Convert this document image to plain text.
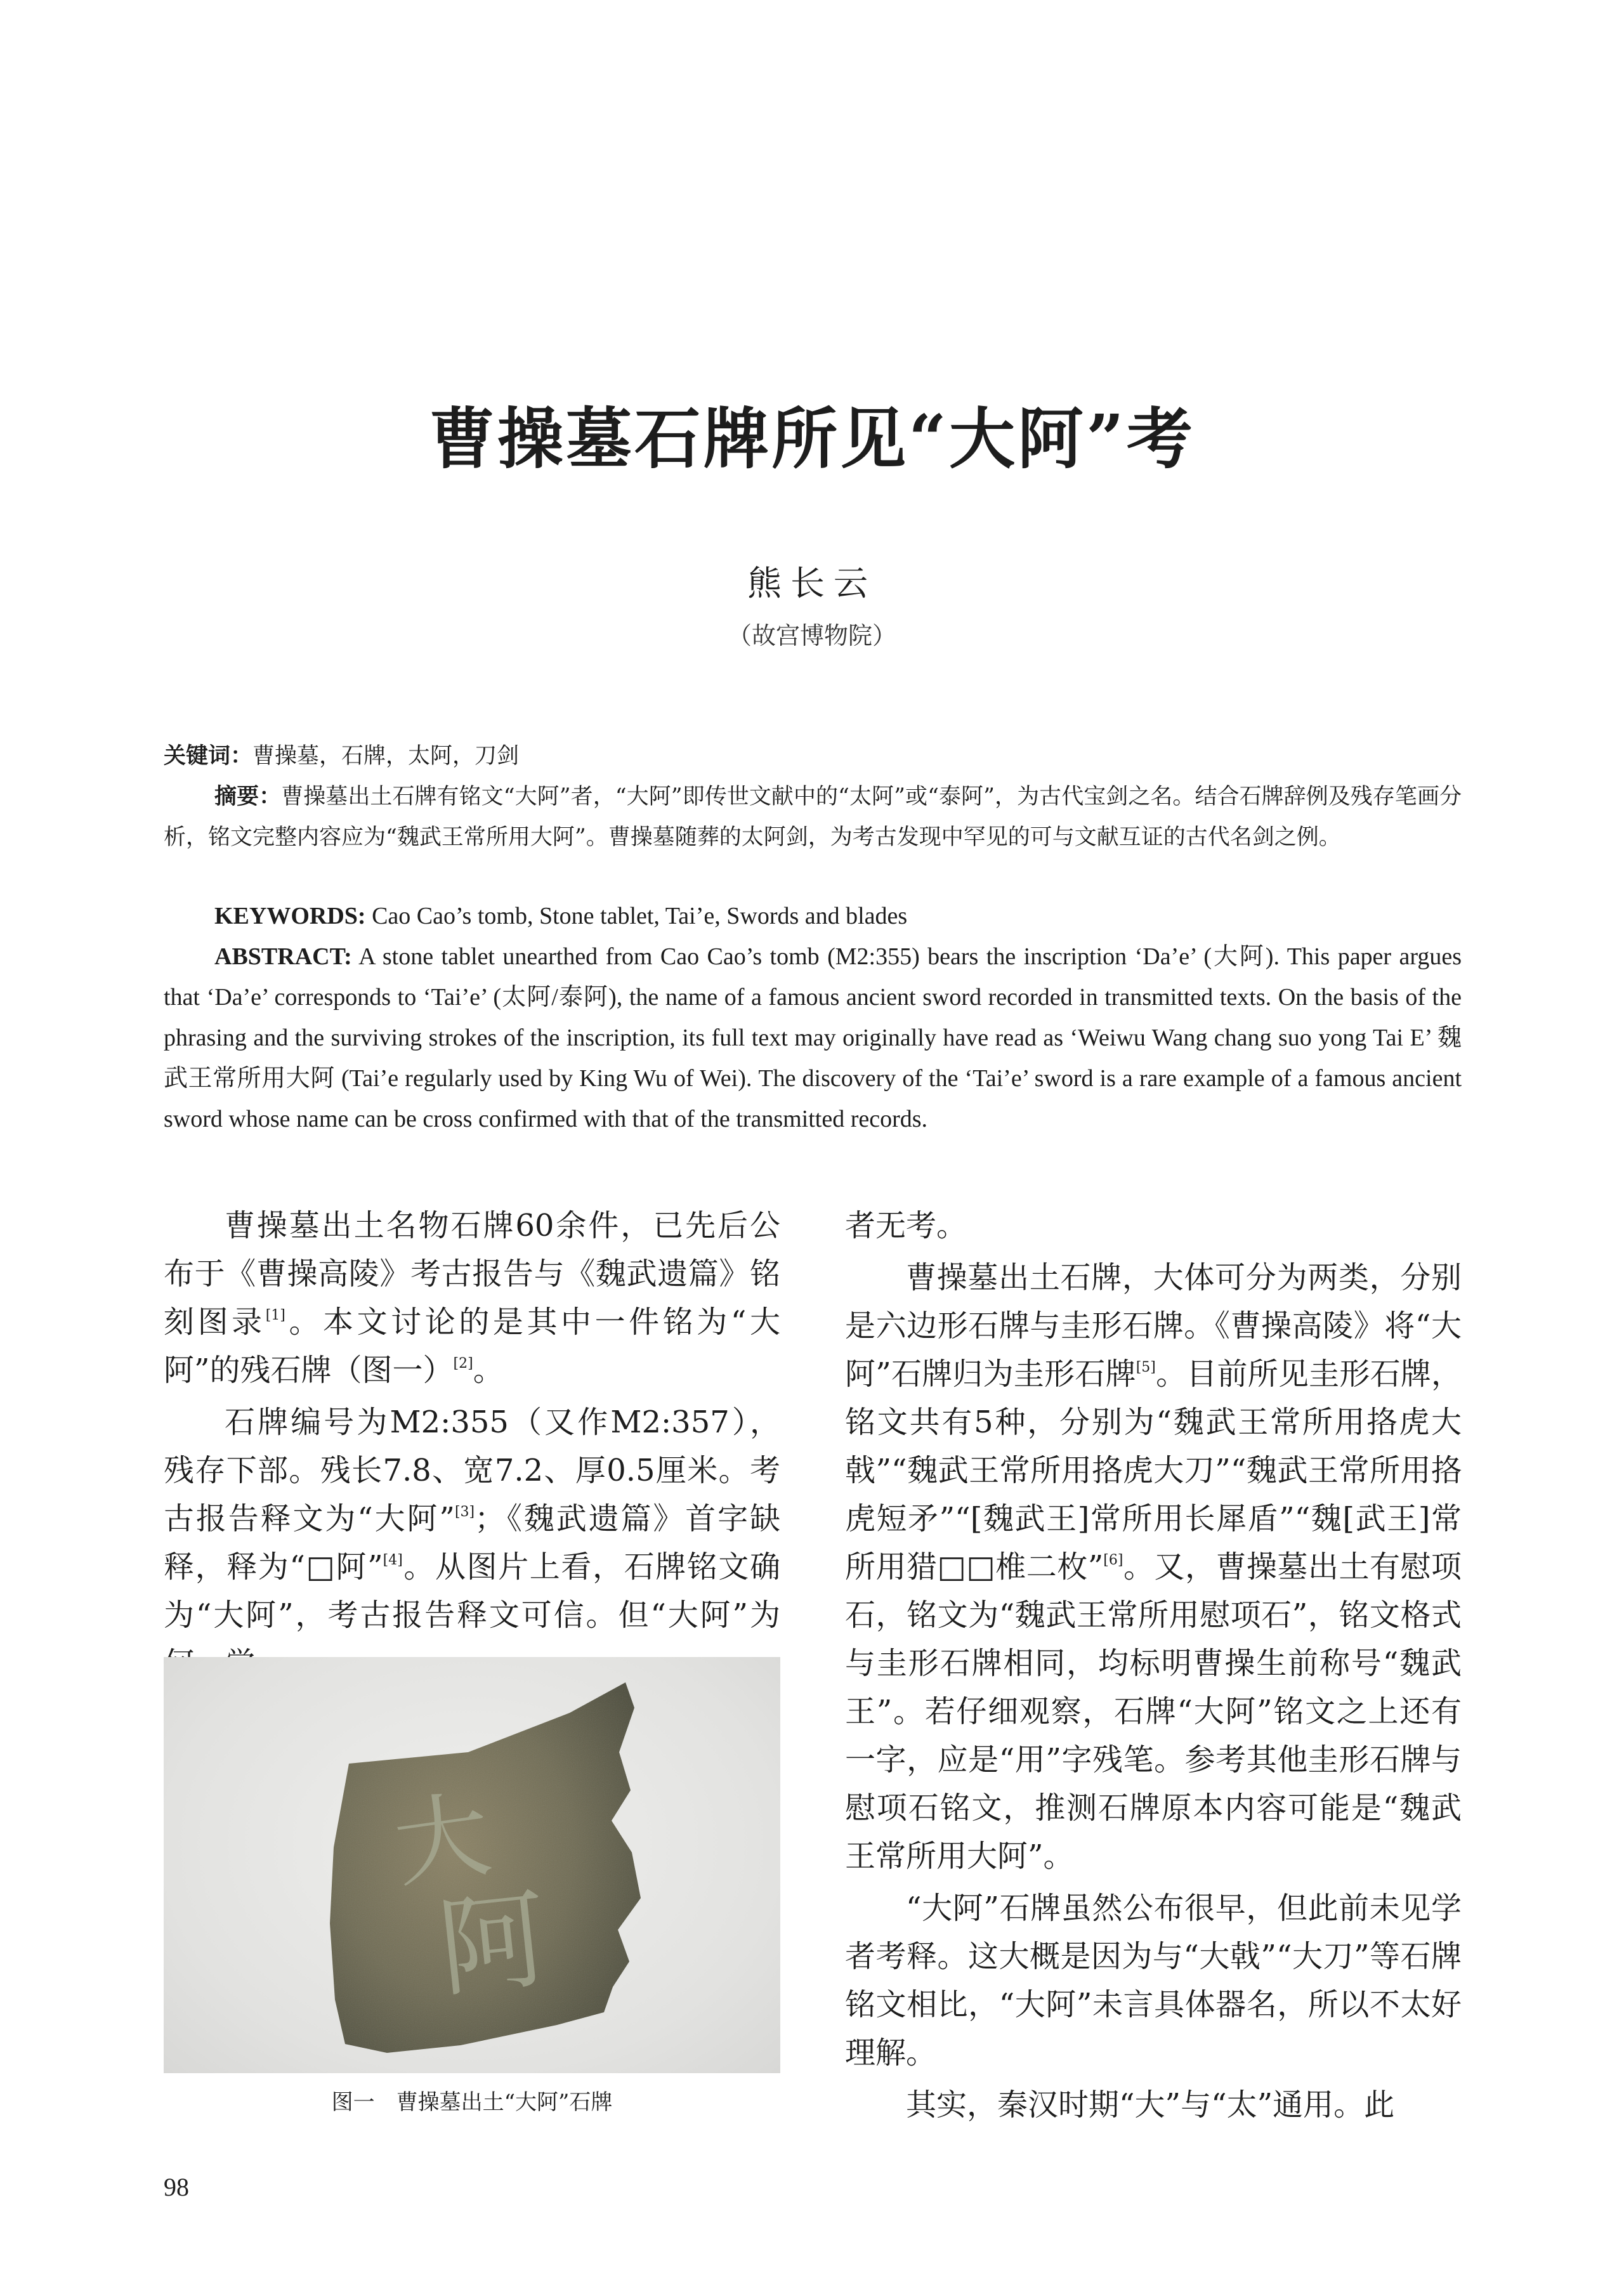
曹操墓石牌所见“大阿”考
熊长云
（故宫博物院）
关键词：曹操墓，石牌，太阿，刀剑
摘要：曹操墓出土石牌有铭文“大阿”者，“大阿”即传世文献中的“太阿”或“泰阿”，为古代宝剑之名。结合石牌辞例及残存笔画分析，铭文完整内容应为“魏武王常所用大阿”。曹操墓随葬的太阿剑，为考古发现中罕见的可与文献互证的古代名剑之例。
KEYWORDS: Cao Cao’s tomb, Stone tablet, Tai’e, Swords and blades
ABSTRACT: A stone tablet unearthed from Cao Cao’s tomb (M2:355) bears the inscription ‘Da’e’ (大阿). This paper argues that ‘Da’e’ corresponds to ‘Tai’e’ (太阿/泰阿), the name of a famous ancient sword recorded in transmitted texts. On the basis of the phrasing and the surviving strokes of the inscription, its full text may originally have read as ‘Weiwu Wang chang suo yong Tai E’ 魏武王常所用大阿 (Tai’e regularly used by King Wu of Wei). The discovery of the ‘Tai’e’ sword is a rare example of a famous ancient sword whose name can be cross confirmed with that of the transmitted records.

曹操墓出土名物石牌60余件，已先后公布于《曹操高陵》考古报告与《魏武遗篇》铭刻图录[1]。本文讨论的是其中一件铭为“大阿”的残石牌（图一）[2]。

石牌编号为M2:355（又作M2:357），残存下部。残长7.8、宽7.2、厚0.5厘米。考古报告释文为“大阿”[3]；《魏武遗篇》首字缺释，释为“□阿”[4]。从图片上看，石牌铭文确为“大阿”，考古报告释文可信。但“大阿”为

大
阿
图一　曹操墓出土“大阿”石牌

者无考。

曹操墓出土石牌，大体可分为两类，分别是六边形石牌与圭形石牌。《曹操高陵》将“大阿”石牌归为圭形石牌[5]。目前所见圭形石牌，铭文共有5种，分别为“魏武王常所用挌虎大戟”“魏武王常所用挌虎大刀”“魏武王常所用挌虎短矛”“[魏武王]常所用长犀盾”“魏[武王]常所用猎□□椎二枚”[6]。又，曹操墓出土有慰项石，铭文为“魏武王常所用慰项石”，铭文格式与圭形石牌相同，均标明曹操生前称号“魏武王”。若仔细观察，石牌“大阿”铭文之上还有一字，应是“用”字残笔。参考其他圭形石牌与慰项石铭文，推测石牌原本内容可能是“魏武王常所用大阿”。

“大阿”石牌虽然公布很早，但此前未见学者考释。这大概是因为与“大戟”“大刀”等石牌铭文相比，“大阿”未言具体器名，所以不太好理解。

其实，秦汉时期“大”与“太”通用。此

98
